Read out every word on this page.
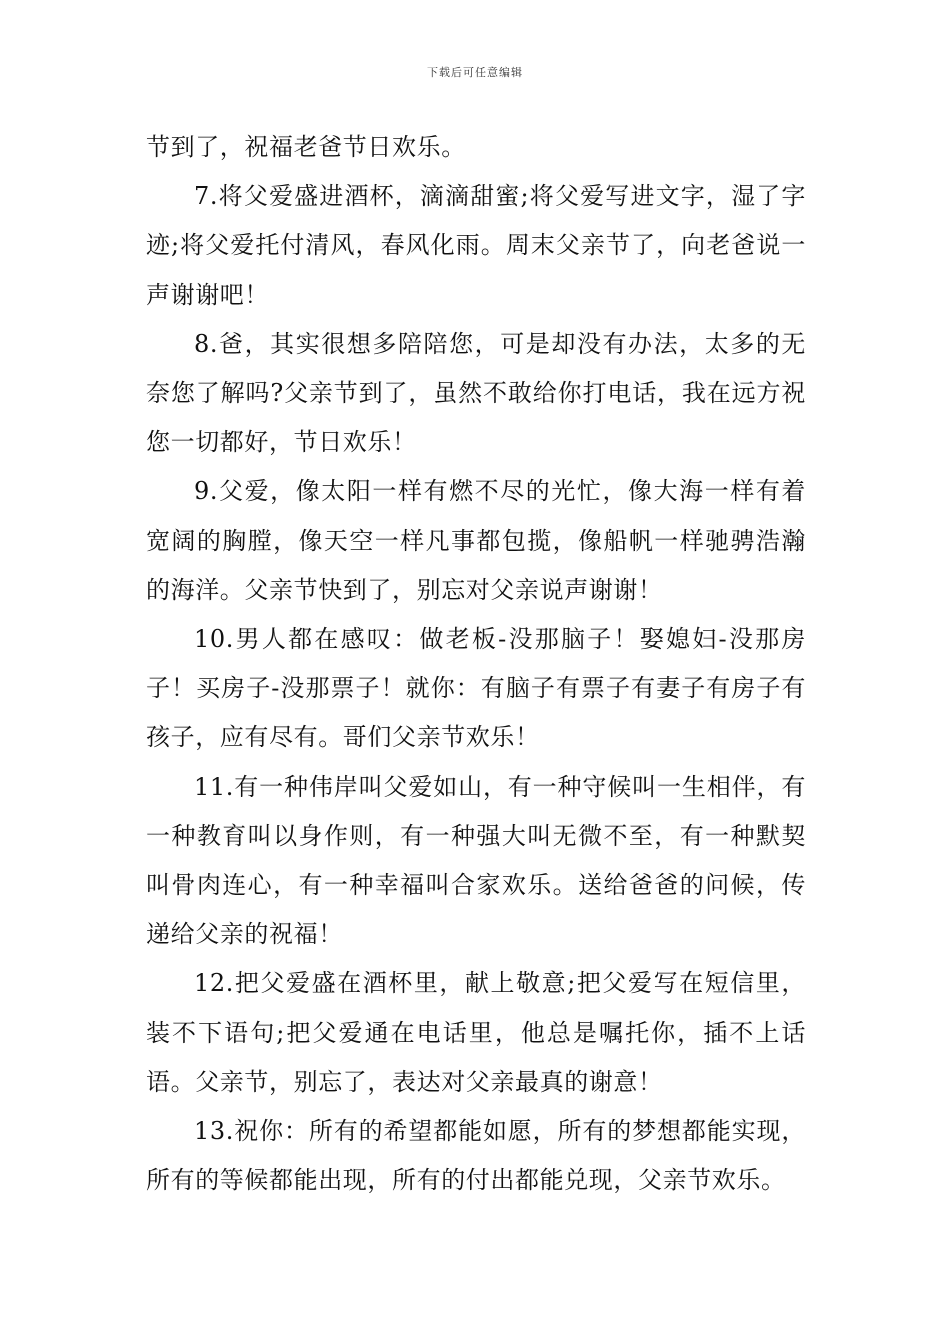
下载后可任意编辑

节到了，祝福老爸节日欢乐。

7.将父爱盛进酒杯，滴滴甜蜜;将父爱写进文字，湿了字迹;将父爱托付清风，春风化雨。周末父亲节了，向老爸说一声谢谢吧！

8.爸，其实很想多陪陪您，可是却没有办法，太多的无奈您了解吗?父亲节到了，虽然不敢给你打电话，我在远方祝您一切都好，节日欢乐！

9.父爱，像太阳一样有燃不尽的光忙，像大海一样有着宽阔的胸膛，像天空一样凡事都包揽，像船帆一样驰骋浩瀚的海洋。父亲节快到了，别忘对父亲说声谢谢！

10.男人都在感叹：做老板-没那脑子！娶媳妇-没那房子！买房子-没那票子！就你：有脑子有票子有妻子有房子有孩子，应有尽有。哥们父亲节欢乐！

11.有一种伟岸叫父爱如山，有一种守候叫一生相伴，有一种教育叫以身作则，有一种强大叫无微不至，有一种默契叫骨肉连心，有一种幸福叫合家欢乐。送给爸爸的问候，传递给父亲的祝福！

12.把父爱盛在酒杯里，献上敬意;把父爱写在短信里，装不下语句;把父爱通在电话里，他总是嘱托你，插不上话语。父亲节，别忘了，表达对父亲最真的谢意！

13.祝你：所有的希望都能如愿，所有的梦想都能实现，所有的等候都能出现，所有的付出都能兑现，父亲节欢乐。
